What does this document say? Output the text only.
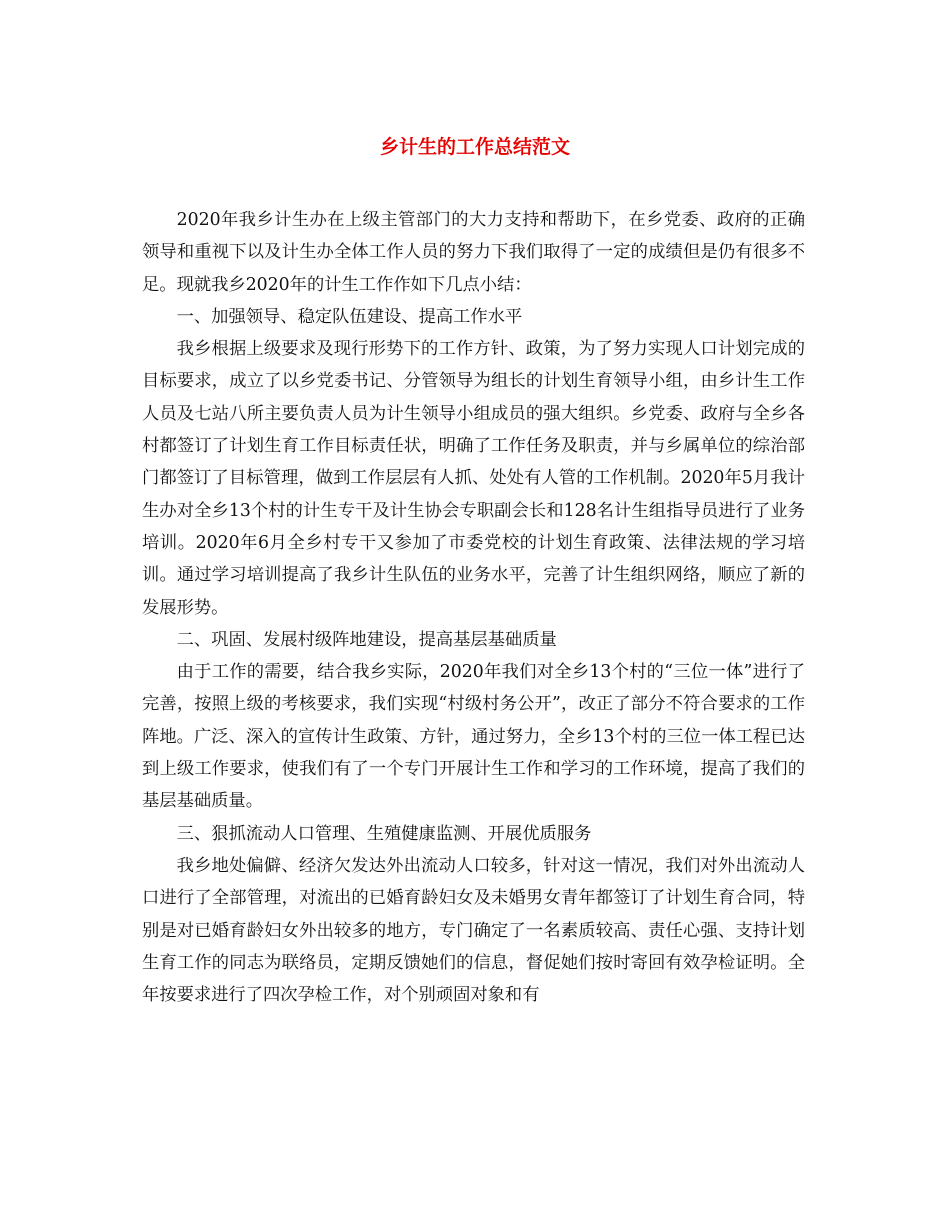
乡计生的工作总结范文

2020年我乡计生办在上级主管部门的大力支持和帮助下，在乡党委、政府的正确领导和重视下以及计生办全体工作人员的努力下我们取得了一定的成绩但是仍有很多不足。现就我乡2020年的计生工作作如下几点小结：

一、加强领导、稳定队伍建设、提高工作水平

我乡根据上级要求及现行形势下的工作方针、政策，为了努力实现人口计划完成的目标要求，成立了以乡党委书记、分管领导为组长的计划生育领导小组，由乡计生工作人员及七站八所主要负责人员为计生领导小组成员的强大组织。乡党委、政府与全乡各村都签订了计划生育工作目标责任状，明确了工作任务及职责，并与乡属单位的综治部门都签订了目标管理，做到工作层层有人抓、处处有人管的工作机制。2020年5月我计生办对全乡13个村的计生专干及计生协会专职副会长和128名计生组指导员进行了业务培训。2020年6月全乡村专干又参加了市委党校的计划生育政策、法律法规的学习培训。通过学习培训提高了我乡计生队伍的业务水平，完善了计生组织网络，顺应了新的发展形势。

二、巩固、发展村级阵地建设，提高基层基础质量

由于工作的需要，结合我乡实际，2020年我们对全乡13个村的“三位一体”进行了完善，按照上级的考核要求，我们实现“村级村务公开”，改正了部分不符合要求的工作阵地。广泛、深入的宣传计生政策、方针，通过努力，全乡13个村的三位一体工程已达到上级工作要求，使我们有了一个专门开展计生工作和学习的工作环境，提高了我们的基层基础质量。

三、狠抓流动人口管理、生殖健康监测、开展优质服务

我乡地处偏僻、经济欠发达外出流动人口较多，针对这一情况，我们对外出流动人口进行了全部管理，对流出的已婚育龄妇女及未婚男女青年都签订了计划生育合同，特别是对已婚育龄妇女外出较多的地方，专门确定了一名素质较高、责任心强、支持计划生育工作的同志为联络员，定期反馈她们的信息，督促她们按时寄回有效孕检证明。全年按要求进行了四次孕检工作，对个别顽固对象和有
